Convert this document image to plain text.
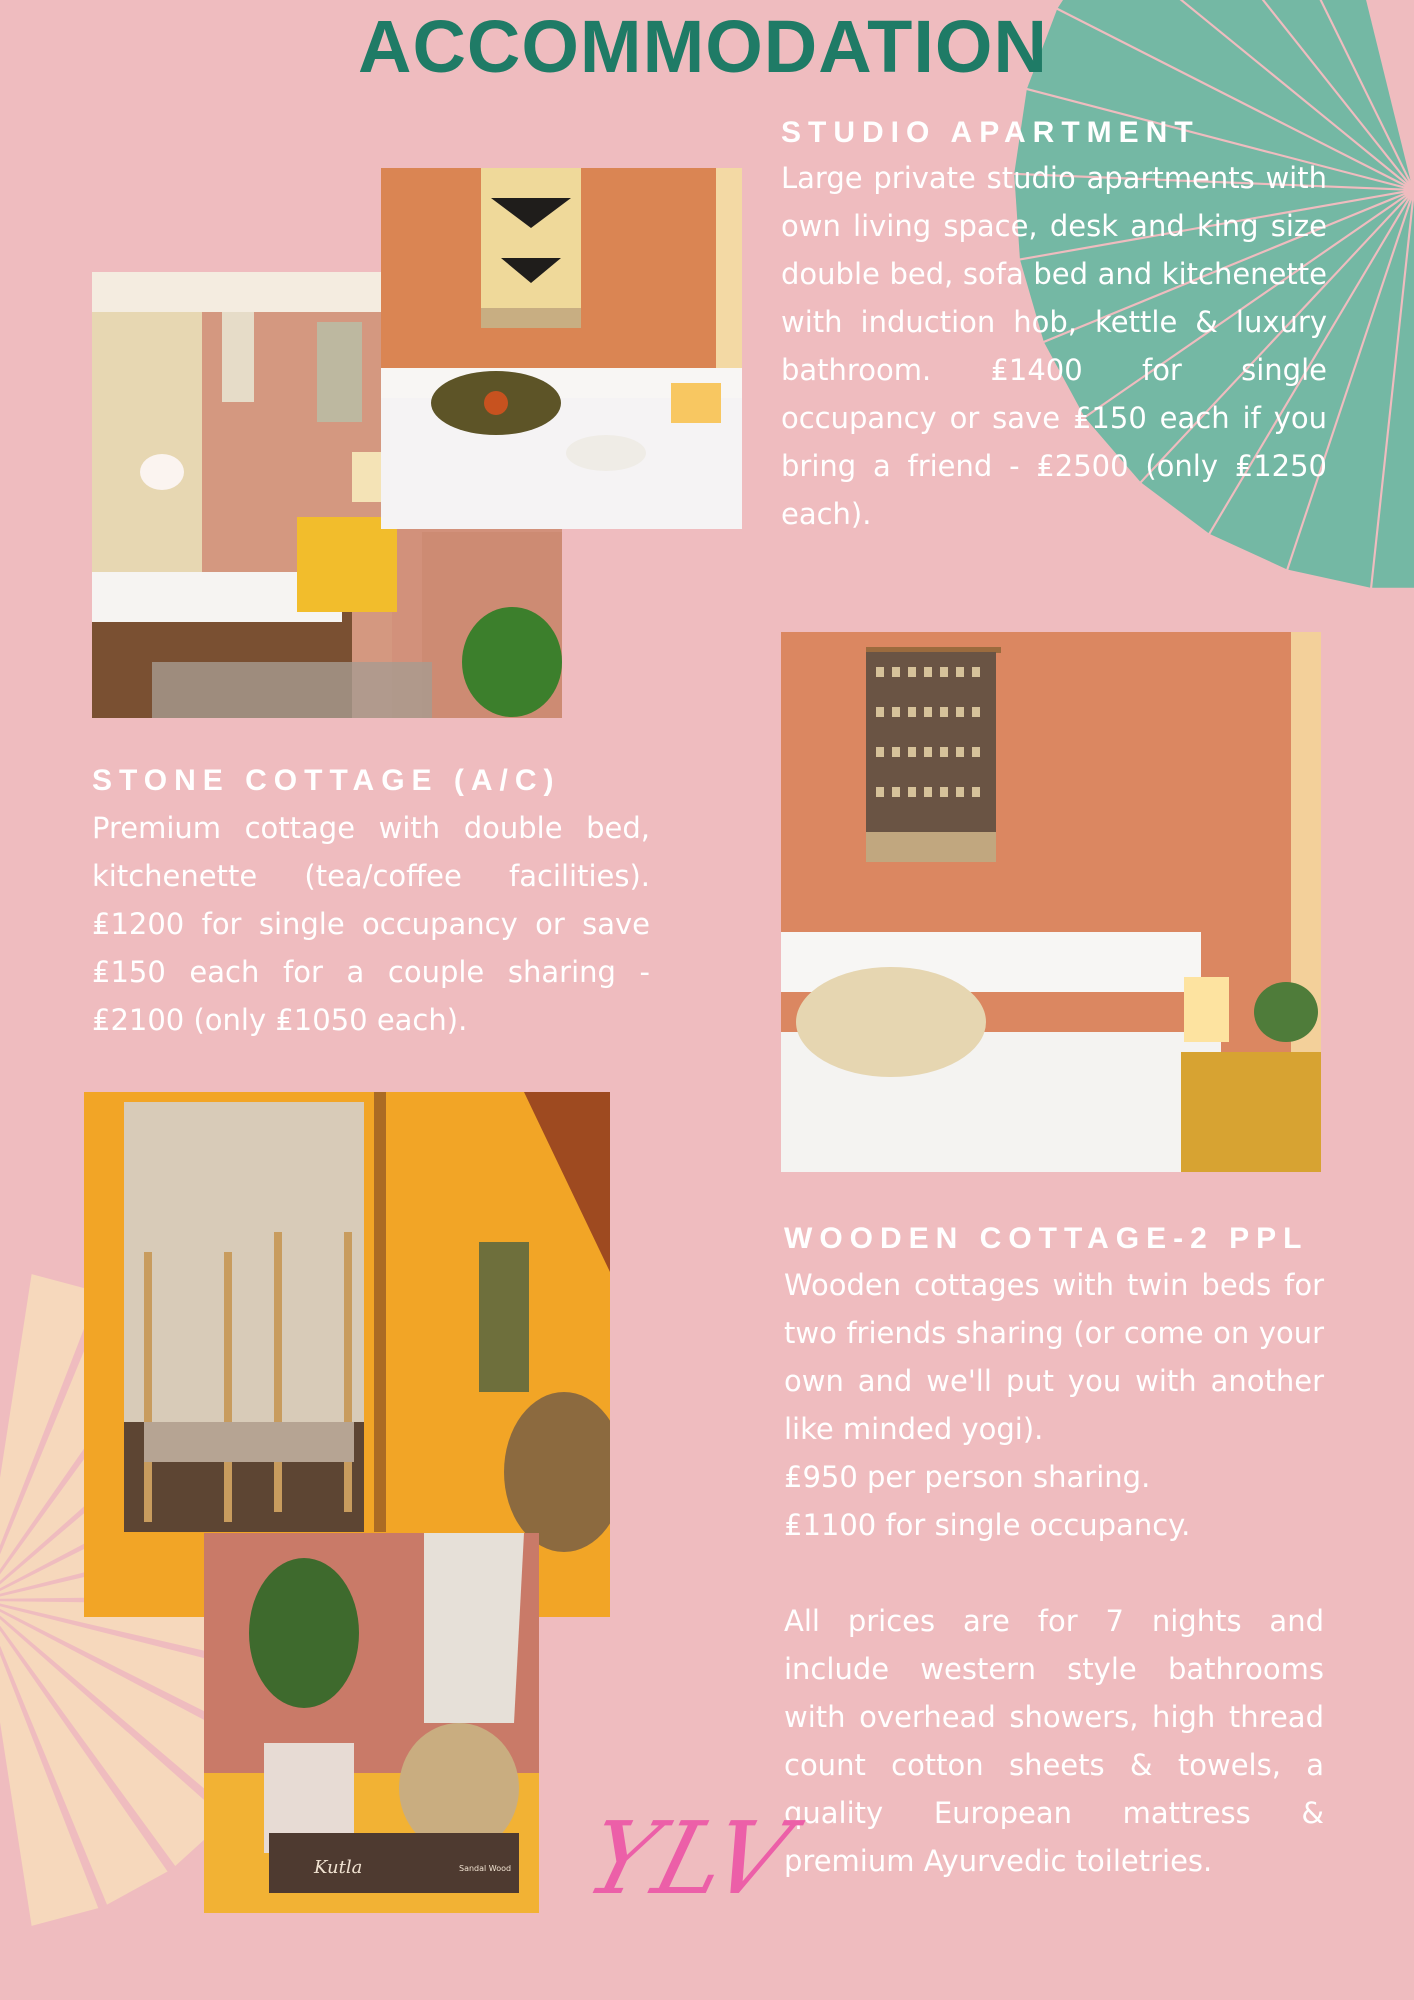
ACCOMMODATION
STUDIO APARTMENT

Large private studio apartments with own living space, desk and king size double bed, sofa bed and kitchenette with induction hob, kettle & luxury bathroom. ₤1400 for single occupancy or save ₤150 each if you bring a friend - ₤2500 (only ₤1250 each).

STONE COTTAGE (A/C)

Premium cottage with double bed, kitchenette (tea/coffee facilities). ₤1200 for single occupancy or save ₤150 each for a couple sharing - ₤2100 (only ₤1050 each).

Kutla	Sandal Wood
WOODEN COTTAGE-2 PPL

Wooden cottages with twin beds for two friends sharing (or come on your own and we'll put you with another like minded yogi).

₤950 per person sharing.

₤1100 for single occupancy.

All prices are for 7 nights and include western style bathrooms with overhead showers, high thread count cotton sheets & towels, a quality European mattress & premium Ayurvedic toiletries.

YLV
